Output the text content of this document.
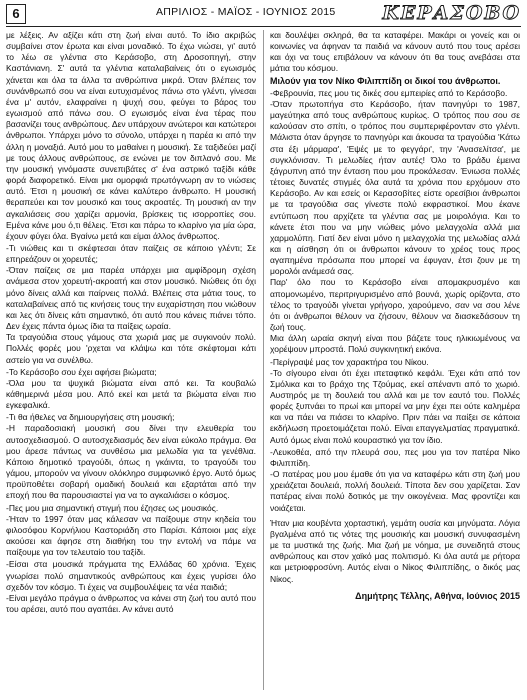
6	ΑΠΡΙΛΙΟΣ - ΜΑΪΟΣ - ΙΟΥΝΙΟΣ 2015 ΚΕΡΑΣΟΒΟ

με λέξεις. Αν αξίζει κάτι στη ζωή είναι αυτό. Το ίδιο ακριβώς συμβαίνει στον έρωτα και είναι μοναδικό. Το έχω νιώσει, γι' αυτό το λέω σε γλέντια στο Κεράσοβο, στη Δροσοπηγή, στην Καστάνιανη. Σ' αυτά τα γλέντια καταλαβαίνεις ότι ο εγωισμός χάνεται και όλα τα άλλα τα ανθρώπινα μικρά. Όταν βλέπεις τον συνάνθρωπό σου να είναι ευτυχισμένος πάνω στο γλέντι, γίνεσαι ένα μ' αυτόν, ελαφραίνει η ψυχή σου, φεύγει το βάρος του εγωισμού από πάνω σου. Ο εγωισμός είναι ένα τέρας που βασανίζει τους ανθρώπους. Δεν υπάρχουν ανώτεροι και κατώτεροι άνθρωποι. Υπάρχει μόνο το σύνολο, υπάρχει η παρέα κι από την άλλη η μοναξιά. Αυτό μου το μαθαίνει η μουσική. Σε ταξιδεύει μαζί με τους άλλους ανθρώπους, σε ενώνει με τον διπλανό σου. Με την μουσική γινόμαστε συνεπιβάτες σ' ένα αστρικό ταξίδι κάθε φορά διαφορετικό. Είναι μια ομορφιά πρωτόγνωρη αν το νιώσεις αυτό. Έτσι η μουσική σε κάνει καλύτερο άνθρωπο. Η μουσική θεραπεύει και τον μουσικό και τους ακροατές. Τη μουσική αν την αγκαλιάσεις σου χαρίζει αρμονία, βρίσκεις τις ισορροπίες σου. Εμένα κάνε μου ό,τι θέλεις. Έτσι και πάρω το κλαρίνο για μία ώρα, έχουν φύγει όλα. Βγαίνω μετά και είμαι άλλος άνθρωπος.

-Τι νιώθεις και τι σκέφτεσαι όταν παίζεις σε κάποιο γλέντι; Σε επηρεάζουν οι χορευτές;

-Όταν παίζεις σε μια παρέα υπάρχει μια αμφίδρομη σχέση ανάμεσα στον χορευτή-ακροατή και στον μουσικό. Νιώθεις ότι όχι μόνο δίνεις αλλά και παίρνεις πολλά. Βλέπεις στα μάτια τους, το καταλαβαίνεις από τις κινήσεις τους την ευχαρίστηση που νιώθουν και λες ότι δίνεις κάτι σημαντικό, ότι αυτό που κάνεις πιάνει τόπο. Δεν έχεις πάντα όμως ίδια τα παίξεις ωραία.

Τα τραγούδια στους γάμους στα χωριά μας με συγκινούν πολύ. Πολλές φορές μου 'ρχεται να κλάψω και τότε σκέφτομαι κάτι αστείο για να συνέλθω.

-Το Κεράσοβο σου έχει αφήσει βιώματα;

-Όλα μου τα ψυχικά βιώματα είναι από κει. Τα κουβαλώ κάθημερινά μέσα μου. Από εκεί και μετά τα βιώματα είναι πιο εγκεφαλικά.

-Τι θα ήθελες να δημιουργήσεις στη μουσική;

-Η παραδοσιακή μουσική σου δίνει την ελευθερία του αυτοσχεδιασμού. Ο αυτοσχεδιασμός δεν είναι εύκολο πράγμα. Θα μου άρεσε πάντως να συνθέσω μια μελωδία για τα γενέθλια. Κάποιο δημοτικό τραγούδι, όπως η γκάιντα, το τραγούδι του γάμου, μπορούν να γίνουν ολόκληρο συμφωνικό έργο. Αυτό όμως προϋποθέτει σοβαρή ομαδική δουλειά και εξαρτάται από την εποχή που θα παρουσιαστεί για να το αγκαλιάσει ο κόσμος.

-Πες μου μια σημαντική στιγμή που έζησες ως μουσικός.

-Ήταν το 1997 όταν μας κάλεσαν να παίξουμε στην κηδεία του φιλοσόφου Κορνήλιου Καστοριάδη στο Παρίσι. Κάποιοι μας είχε ακούσει και άφησε στη διαθήκη του την εντολή να πάμε να παίξουμε για τον τελευταίο του ταξίδι.

-Είσαι στα μουσικά πράγματα της Ελλάδας 60 χρόνια. Έχεις γνωρίσει πολύ σημαντικούς ανθρώπους και έχεις γυρίσει όλο σχεδόν τον κόσμο. Τι έχεις να συμβουλέψεις τα νέα παιδιά;

-Είναι μεγάλο πράγμα ο άνθρωπος να κάνει στη ζωή του αυτό που του αρέσει, αυτό που αγαπάει. Αν κάνει αυτό

και δουλέψει σκληρά, θα τα καταφέρει. Μακάρι οι γονείς και οι κοινωνίες να άφηναν τα παιδιά να κάνουν αυτό που τους αρέσει και όχι να τους επιβάλουν να κάνουν ότι θα τους ανεβάσει στα μάτια του κόσμου.

Μιλούν για τον Νίκο Φιλιππίδη οι δικοί του άνθρωποι.

-Φεβρουνία, πες μου τις δικές σου εμπειρίες από το Κεράσοβο.

-Όταν πρωτοπήγα στο Κεράσοβο, ήταν πανηγύρι το 1987, μαγεύτηκα από τους ανθρώπους κυρίως. Ο τρόπος που σου σε καλούσαν στο σπίτι, ο τρόπος που συμπεριφέρονταν στο γλέντι. Μάλιστα όταν άργησε το πανηγύρι και άκουσα τα τραγούδια 'Κάτω στα έξι μάρμαρα', 'Εψές με το φεγγάρι', την 'Ανασελίτσα', με συγκλόνισαν. Τι μελωδίες ήταν αυτές! Όλο το βράδυ έμεινα ξάγρυπνη από την ένταση που μου προκάλεσαν. Ένιωσα πολλές τέτοιες δυνατές στιγμές όλα αυτά τα χρόνια που ερχόμουν στο Κεράσοβο. Αν και εσείς οι Κερασοβίτες είστε ορεσίβιοι άνθρωποι με τα τραγούδια σας γίνεστε πολύ εκφραστικοί. Μου έκανε εντύπωση που αρχίζετε τα γλέντια σας με μοιρολόγια. Και το κάνετε έτσι που να μην νιώθεις μόνο μελαγχολία αλλά μια χαρμολύπη. Γιατί δεν είναι μόνο η μελαγχολία της μελωδίας αλλά και η αίσθηση ότι οι άνθρωποι κάνουν το χρέος τους προς αγαπημένα πρόσωπα που μπορεί να έφυγαν, έτσι ζουν με τη μορολόι ανάμεσά σας.

Παρ' όλο που το Κεράσοβο είναι απομακρυσμένο και απομονωμένο, περιτριγυρισμένο από βουνά, χωρίς ορίζοντα, στο τέλος το τραγούδι γίνεται γρήγορο, χαρούμενο, σαν να σου λένε ότι οι άνθρωποι θέλουν να ζήσουν, θέλουν να διασκεδάσουν τη ζωή τους.

Μια άλλη ωραία σκηνή είναι που βάζετε τους ηλικιωμένους να χορέψουν μπροστά. Πολύ συγκινητική εικόνα.

-Περίγραψέ μας τον χαρακτήρα του Νίκου.

-Το σίγουρο είναι ότι έχει ιπεταφτικό κεφάλι. Έχει κάτι από τον Σμόλικα και το βράχο της Τζούμας, εκεί απέναντι από το χωριό. Αυστηρός με τη δουλειά του αλλά και με τον εαυτό του. Πολλές φορές ξυπνάει το πρωί και μπορεί να μην έχει πει ούτε καλημέρα και να πάει να πιάσει το κλαρίνο. Πριν πάει να παίξει σε κάποια εκδήλωση προετοιμάζεται πολύ. Είναι επαγγελματίας πραγματικά. Αυτό όμως είναι πολύ κουραστικό για τον ίδιο.

-Λευκοθέα, από την πλευρά σου, πες μου για τον πατέρα Νίκο Φιλιππίδη.

-Ο πατέρας μου μου έμαθε ότι για να καταφέρω κάτι στη ζωή μου χρειάζεται δουλειά, πολλή δουλειά. Τίποτα δεν σου χαρίζεται. Σαν πατέρας είναι πολύ δοτικός με την οικογένεια. Μας φροντίζει και νοιάζεται.

Ήταν μια κουβέντα χορταστική, γεμάτη ουσία και μηνύματα. Λόγια βγαλμένα από τις νότες της μουσικής και μουσική συνυφασμένη με τα μυστικά της ζωής. Μια ζωή με νόημα, με συνειδητά στους ανθρώπους και στον χαϊκό μας πολιτισμό. Κι όλα αυτά με ρήτορα και μετριοφροσύνη. Αυτός είναι ο Νίκος Φιλιππίδης, ο δικός μας Νίκος.

Δημήτρης Τέλλης, Αθήνα, Ιούνιος 2015
